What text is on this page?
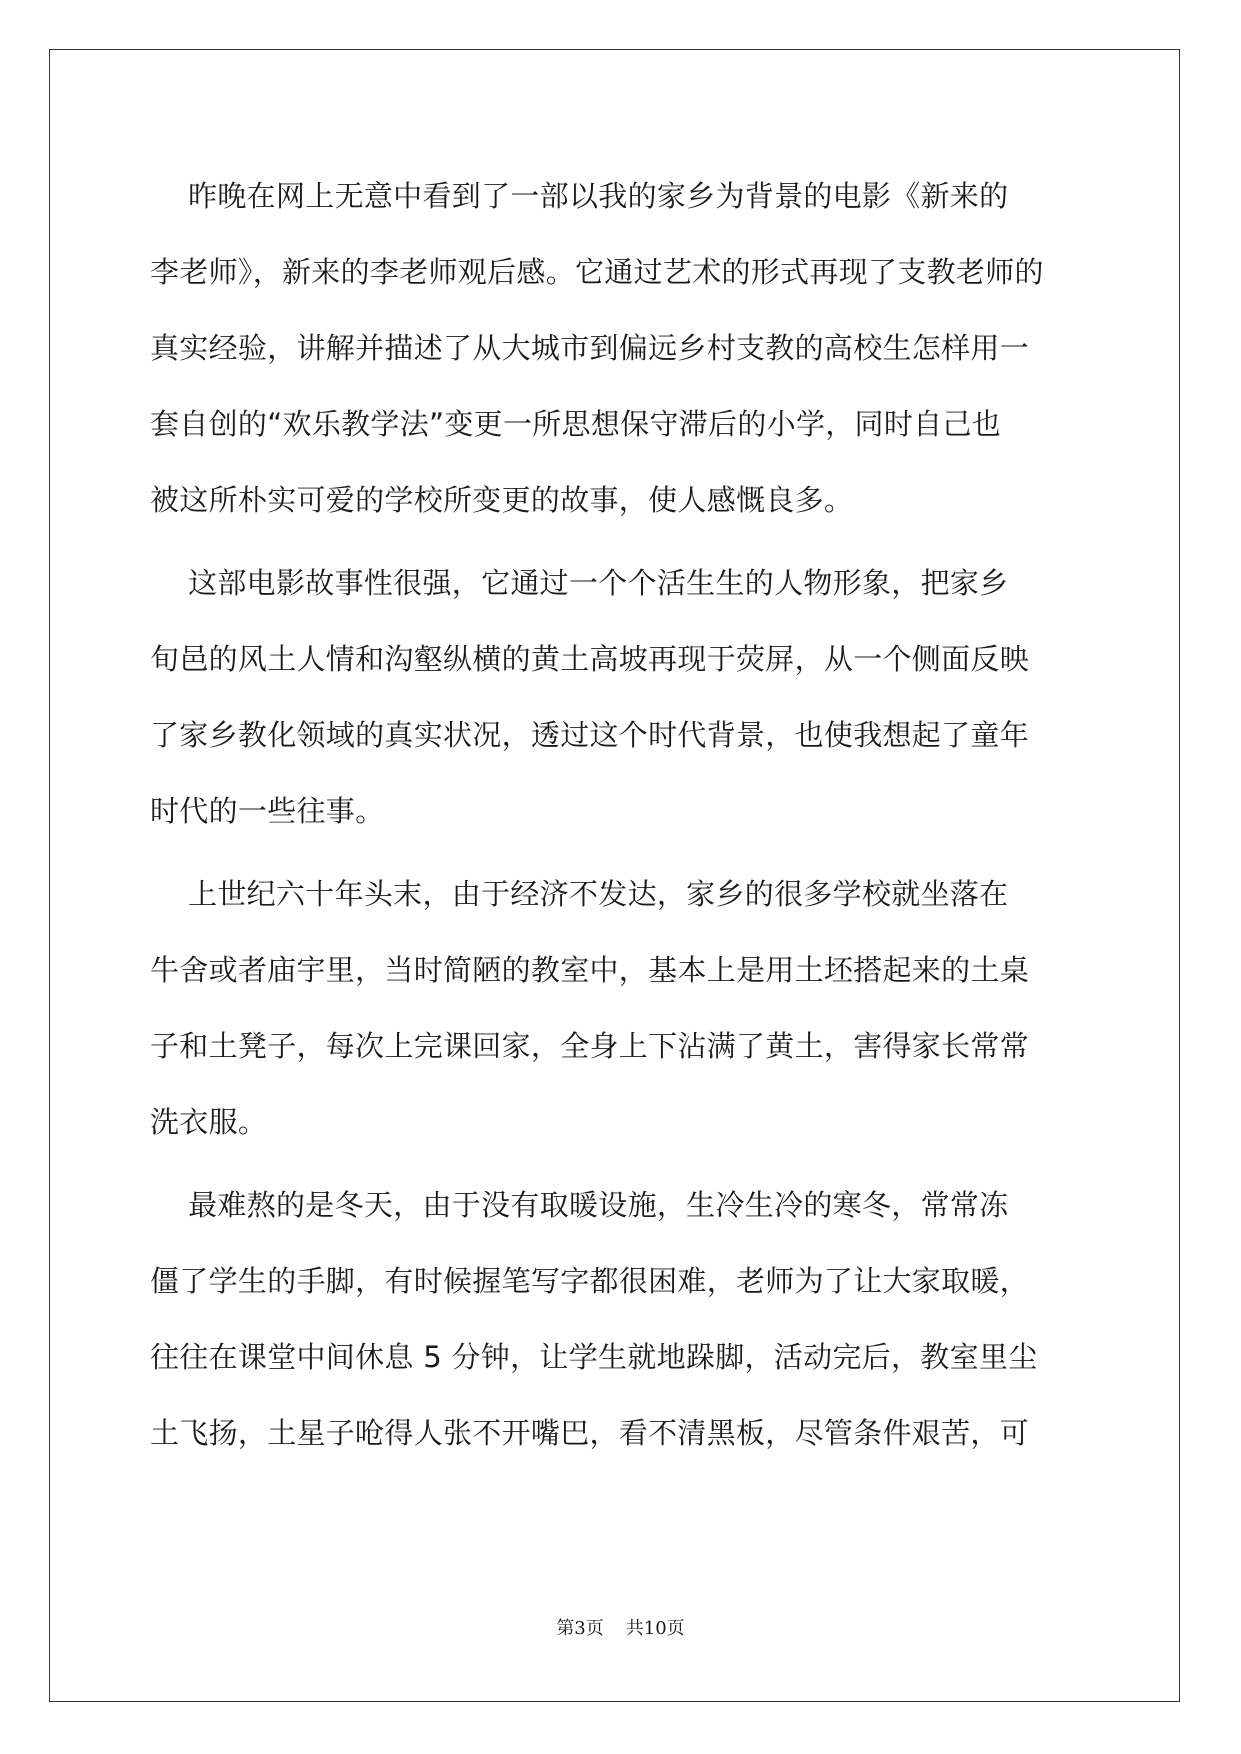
昨晚在网上无意中看到了一部以我的家乡为背景的电影《新来的
李老师》，新来的李老师观后感。它通过艺术的形式再现了支教老师的
真实经验，讲解并描述了从大城市到偏远乡村支教的高校生怎样用一
套自创的“欢乐教学法”变更一所思想保守滞后的小学，同时自己也
被这所朴实可爱的学校所变更的故事，使人感慨良多。
这部电影故事性很强，它通过一个个活生生的人物形象，把家乡
旬邑的风土人情和沟壑纵横的黄土高坡再现于荧屏，从一个侧面反映
了家乡教化领域的真实状况，透过这个时代背景，也使我想起了童年
时代的一些往事。
上世纪六十年头末，由于经济不发达，家乡的很多学校就坐落在
牛舍或者庙宇里，当时简陋的教室中，基本上是用土坯搭起来的土桌
子和土凳子，每次上完课回家，全身上下沾满了黄土，害得家长常常
洗衣服。
最难熬的是冬天，由于没有取暖设施，生冷生冷的寒冬，常常冻
僵了学生的手脚，有时候握笔写字都很困难，老师为了让大家取暖，
往往在课堂中间休息 5 分钟，让学生就地跺脚，活动完后，教室里尘
土飞扬，土星子呛得人张不开嘴巴，看不清黑板，尽管条件艰苦，可
第3页 共10页
